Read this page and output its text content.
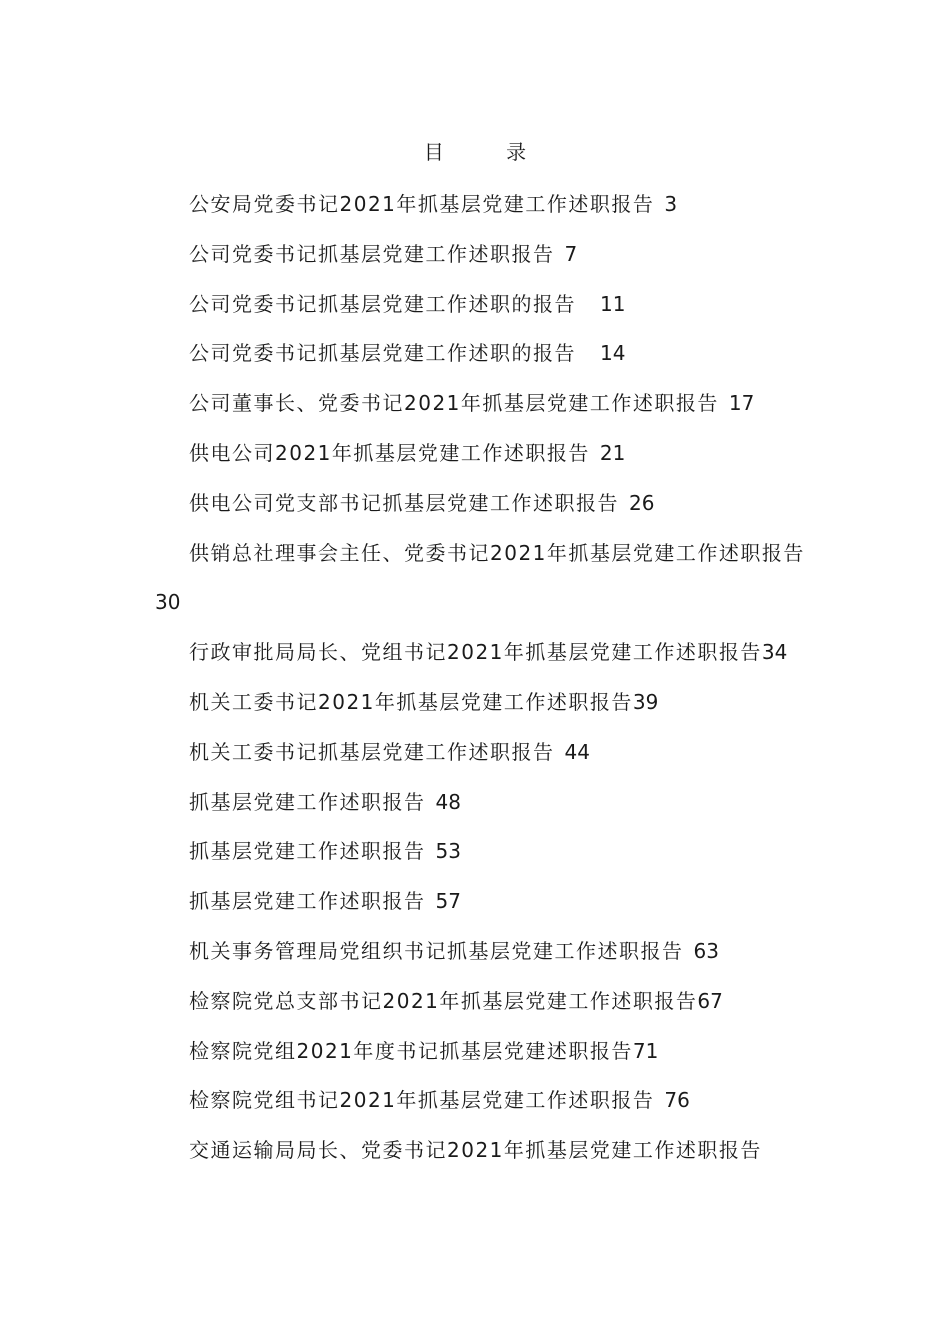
目 录
公安局党委书记2021年抓基层党建工作述职报告 3
公司党委书记抓基层党建工作述职报告 7
公司党委书记抓基层党建工作述职的报告 11
公司党委书记抓基层党建工作述职的报告 14
公司董事长、党委书记2021年抓基层党建工作述职报告 17
供电公司2021年抓基层党建工作述职报告 21
供电公司党支部书记抓基层党建工作述职报告 26
供销总社理事会主任、党委书记2021年抓基层党建工作述职报告30
行政审批局局长、党组书记2021年抓基层党建工作述职报告34
机关工委书记2021年抓基层党建工作述职报告39
机关工委书记抓基层党建工作述职报告 44
抓基层党建工作述职报告 48
抓基层党建工作述职报告 53
抓基层党建工作述职报告 57
机关事务管理局党组织书记抓基层党建工作述职报告 63
检察院党总支部书记2021年抓基层党建工作述职报告67
检察院党组2021年度书记抓基层党建述职报告71
检察院党组书记2021年抓基层党建工作述职报告 76
交通运输局局长、党委书记2021年抓基层党建工作述职报告
